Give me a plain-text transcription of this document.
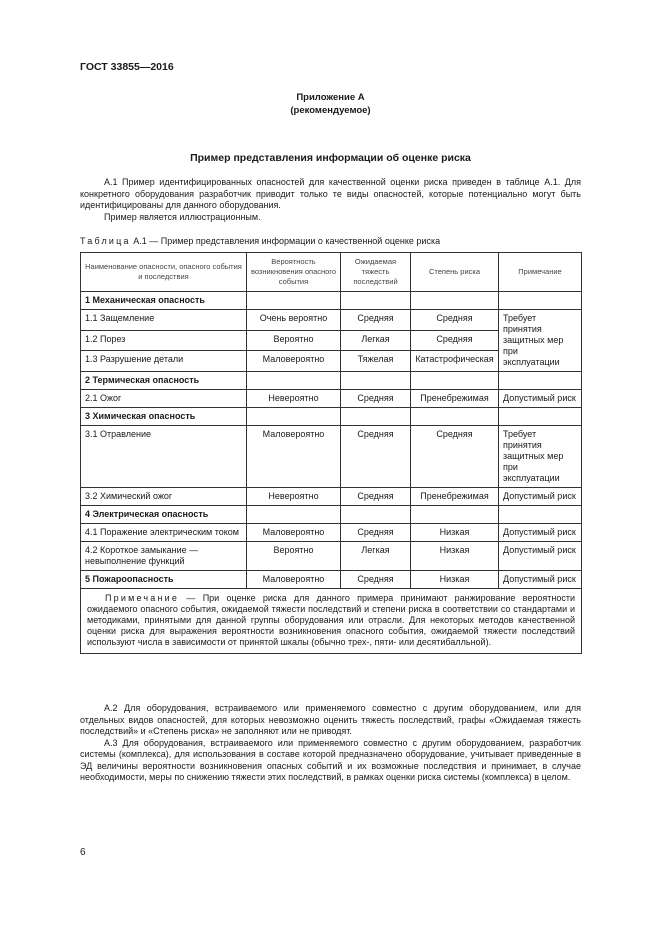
ГОСТ 33855—2016
Приложение А
(рекомендуемое)
Пример представления информации об оценке риска

А.1 Пример идентифицированных опасностей для качественной оценки риска приведен в таблице А.1. Для конкретного оборудования разработчик приводит только те виды опасностей, которые потенциально могут быть идентифицированы для данного оборудования.

Пример является иллюстрационным.

Таблица А.1 — Пример представления информации о качественной оценке риска
Наименование опасности, опасного события и последствия	Вероятность возникновения опасного события	Ожидаемая тяжесть последствий	Степень риска	Примечание
1 Механическая опасность				
1.1 Защемление	Очень вероятно	Средняя	Средняя	Требует принятия защитных мер при эксплуатации
1.2 Порез	Вероятно	Легкая	Средняя	
1.3 Разрушение детали	Маловероятно	Тяжелая	Катастрофическая	
2 Термическая опасность				
2.1 Ожог	Невероятно	Средняя	Пренебрежимая	Допустимый риск
3 Химическая опасность				
3.1 Отравление	Маловероятно	Средняя	Средняя	Требует принятия защитных мер при эксплуатации
3.2 Химический ожог	Невероятно	Средняя	Пренебрежимая	Допустимый риск
4 Электрическая опасность				
4.1 Поражение электрическим током	Маловероятно	Средняя	Низкая	Допустимый риск
4.2 Короткое замыкание — невыполнение функций	Вероятно	Легкая	Низкая	Допустимый риск
5 Пожароопасность	Маловероятно	Средняя	Низкая	Допустимый риск
Примечание — При оценке риска для данного примера принимают ранжирование вероятности ожидаемого опасного события, ожидаемой тяжести последствий и степени риска в соответствии со стандартами и методиками, принятыми для данной группы оборудования или отрасли. Для некоторых методов качественной оценки риска для выражения вероятности возникновения опасного события, ожидаемой тяжести последствий используют числа в зависимости от принятой шкалы (обычно трех-, пяти- или десятибалльной).				

А.2 Для оборудования, встраиваемого или применяемого совместно с другим оборудованием, или для отдельных видов опасностей, для которых невозможно оценить тяжесть последствий, графы «Ожидаемая тяжесть последствий» и «Степень риска» не заполняют или не приводят.

А.3 Для оборудования, встраиваемого или применяемого совместно с другим оборудованием, разработчик системы (комплекса), для использования в составе которой предназначено оборудование, учитывает приведенные в ЭД величины вероятности возникновения опасных событий и их возможные последствия и принимает, в случае необходимости, меры по снижению тяжести этих последствий, в рамках оценки риска системы (комплекса) в целом.

6
